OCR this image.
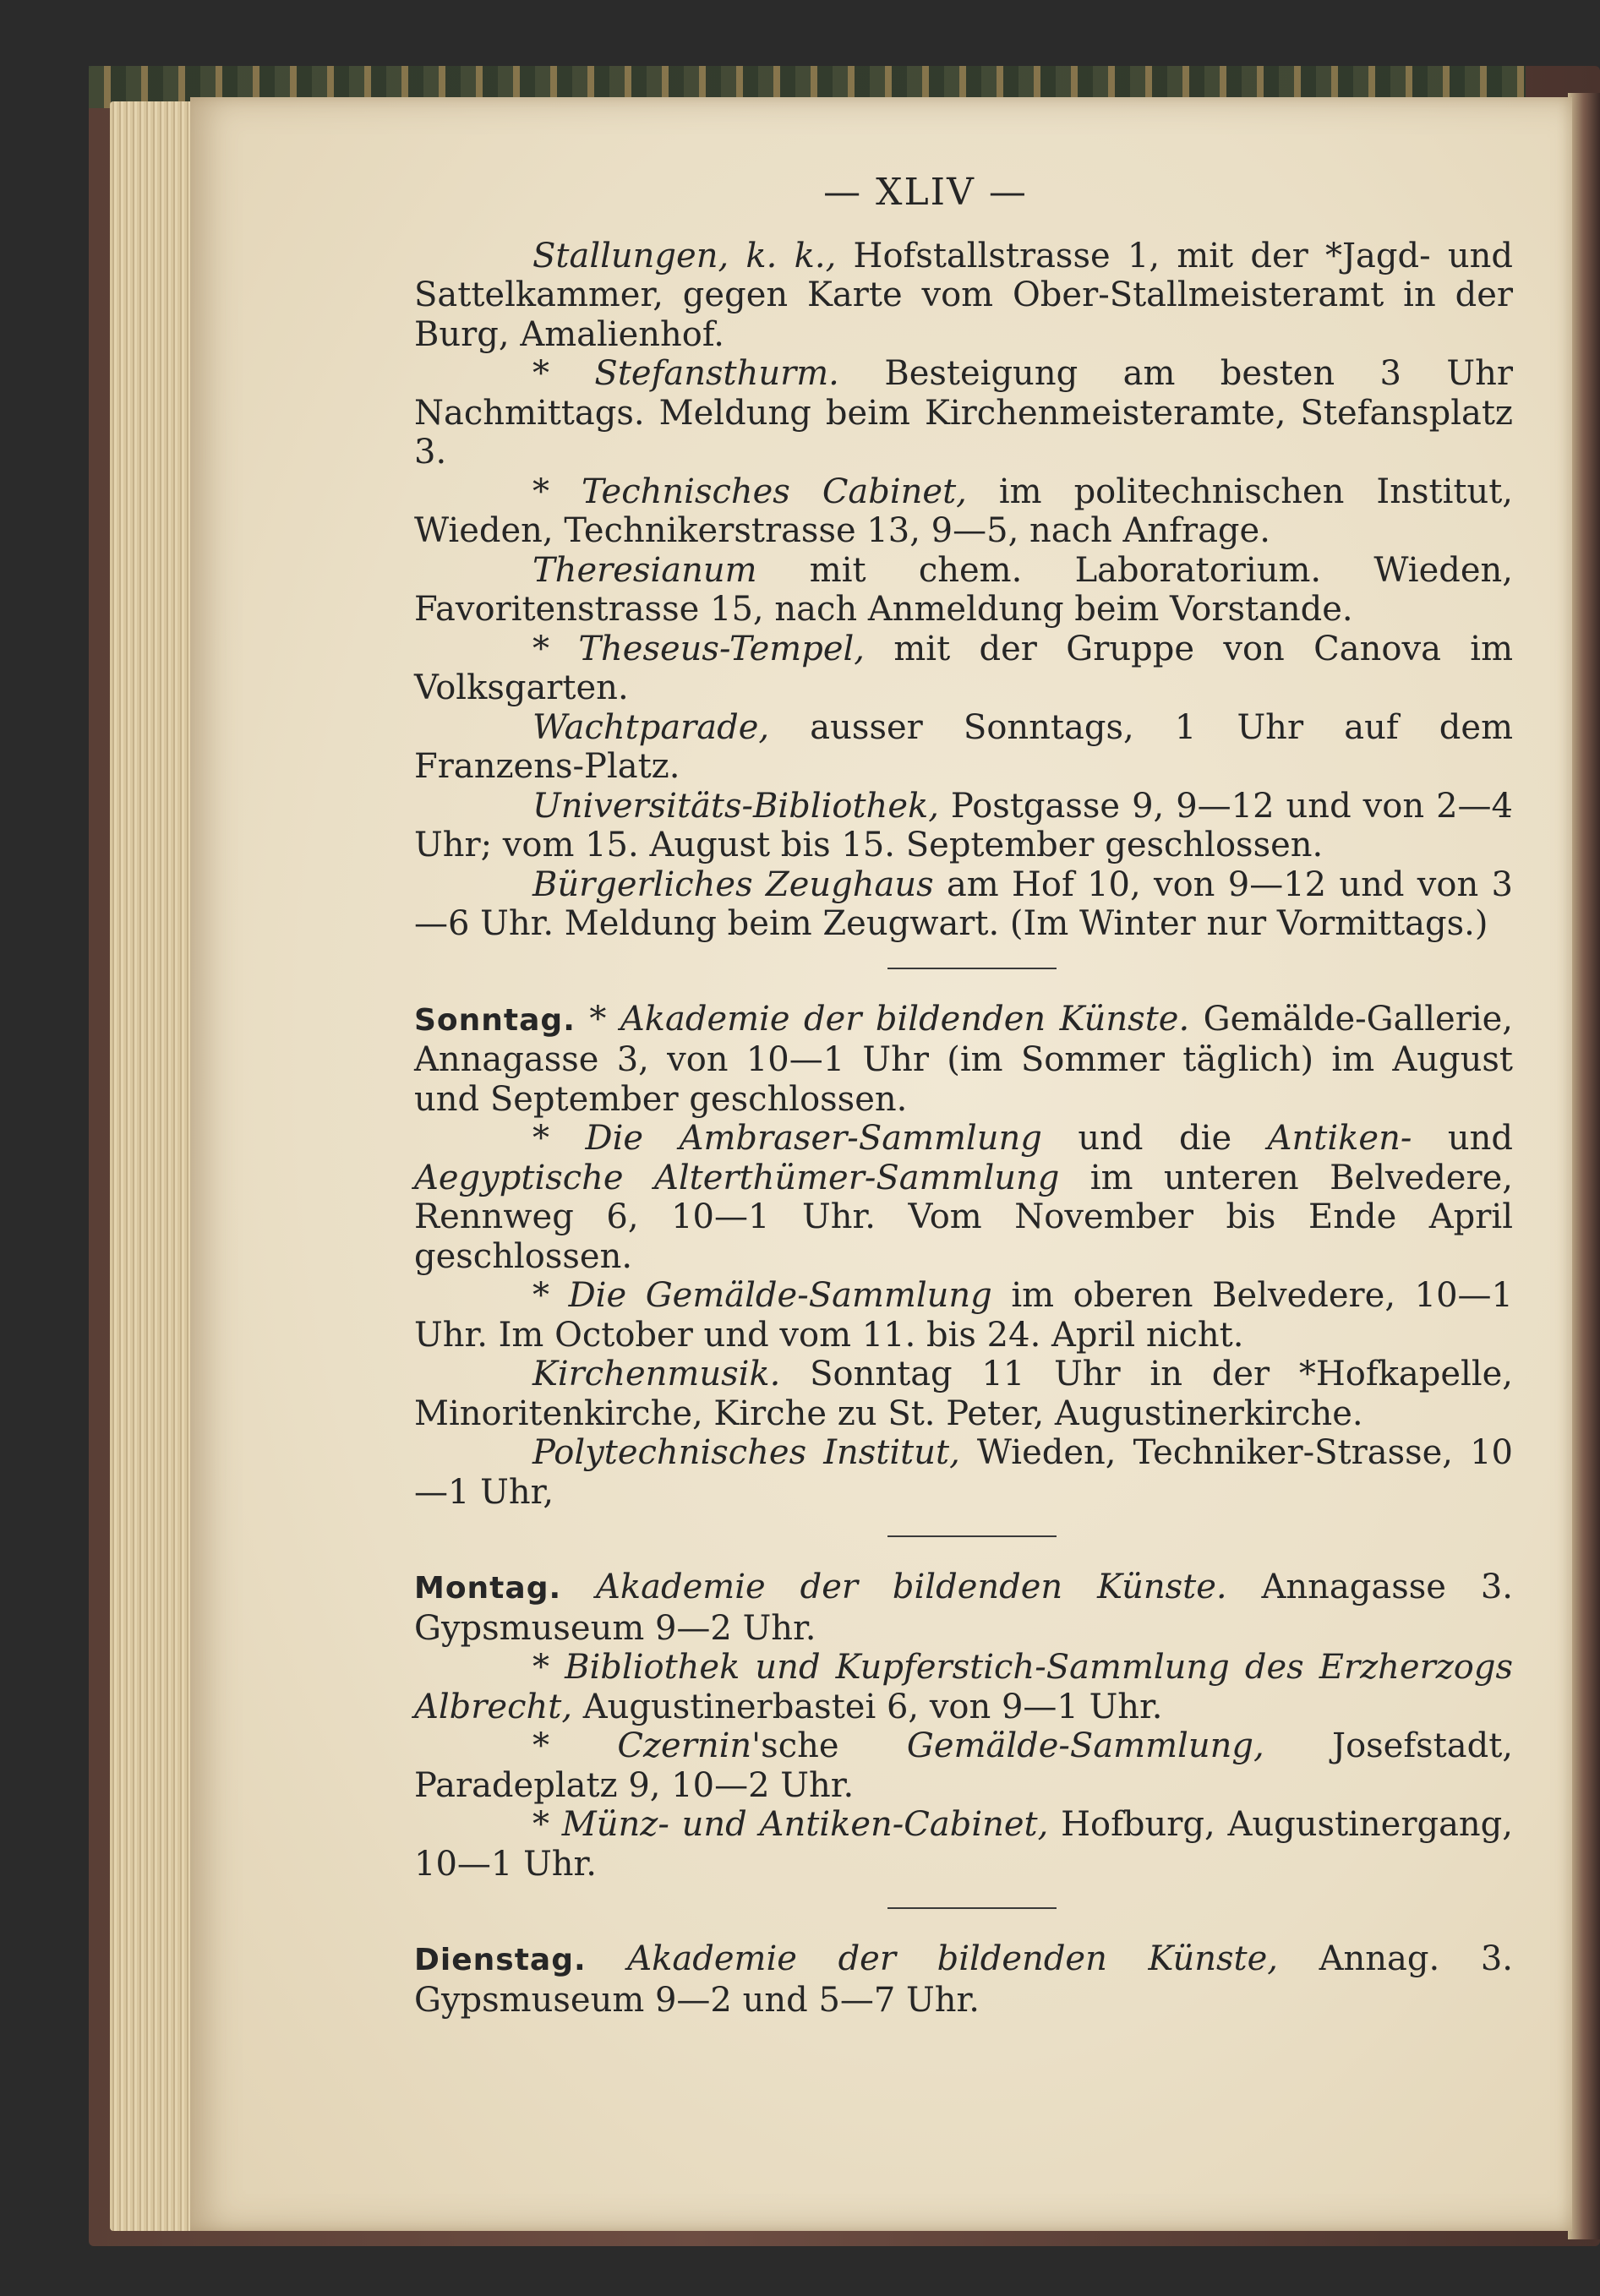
— XLIV —
Stallungen, k. k., Hofstallstrasse 1, mit der *Jagd- und Sattelkammer, gegen Karte vom Ober-Stallmeisteramt in der Burg, Amalienhof.
* Stefansthurm. Besteigung am besten 3 Uhr Nachmittags. Meldung beim Kirchenmeisteramte, Stefansplatz 3.
* Technisches Cabinet, im politechnischen Institut, Wieden, Technikerstrasse 13, 9—5, nach Anfrage.
Theresianum mit chem. Laboratorium. Wieden, Favoritenstrasse 15, nach Anmeldung beim Vorstande.
* Theseus-Tempel, mit der Gruppe von Canova im Volksgarten.
Wachtparade, ausser Sonntags, 1 Uhr auf dem Franzens-Platz.
Universitäts-Bibliothek, Postgasse 9, 9—12 und von 2—4 Uhr; vom 15. August bis 15. September geschlossen.
Bürgerliches Zeughaus am Hof 10, von 9—12 und von 3—6 Uhr. Meldung beim Zeugwart. (Im Winter nur Vormittags.)
Sonntag. * Akademie der bildenden Künste. Gemälde-Gallerie, Annagasse 3, von 10—1 Uhr (im Sommer täglich) im August und September geschlossen.
* Die Ambraser-Sammlung und die Antiken- und Aegyptische Alterthümer-Sammlung im unteren Belvedere, Rennweg 6, 10—1 Uhr. Vom November bis Ende April geschlossen.
* Die Gemälde-Sammlung im oberen Belvedere, 10—1 Uhr. Im October und vom 11. bis 24. April nicht.
Kirchenmusik. Sonntag 11 Uhr in der *Hofkapelle, Minoritenkirche, Kirche zu St. Peter, Augustinerkirche.
Polytechnisches Institut, Wieden, Techniker-Strasse, 10—1 Uhr,
Montag. Akademie der bildenden Künste. Annagasse 3. Gypsmuseum 9—2 Uhr.
* Bibliothek und Kupferstich-Sammlung des Erzherzogs Albrecht, Augustinerbastei 6, von 9—1 Uhr.
* Czernin'sche Gemälde-Sammlung, Josefstadt, Paradeplatz 9, 10—2 Uhr.
* Münz- und Antiken-Cabinet, Hofburg, Augustinergang, 10—1 Uhr.
Dienstag. Akademie der bildenden Künste, Annag. 3. Gypsmuseum 9—2 und 5—7 Uhr.
